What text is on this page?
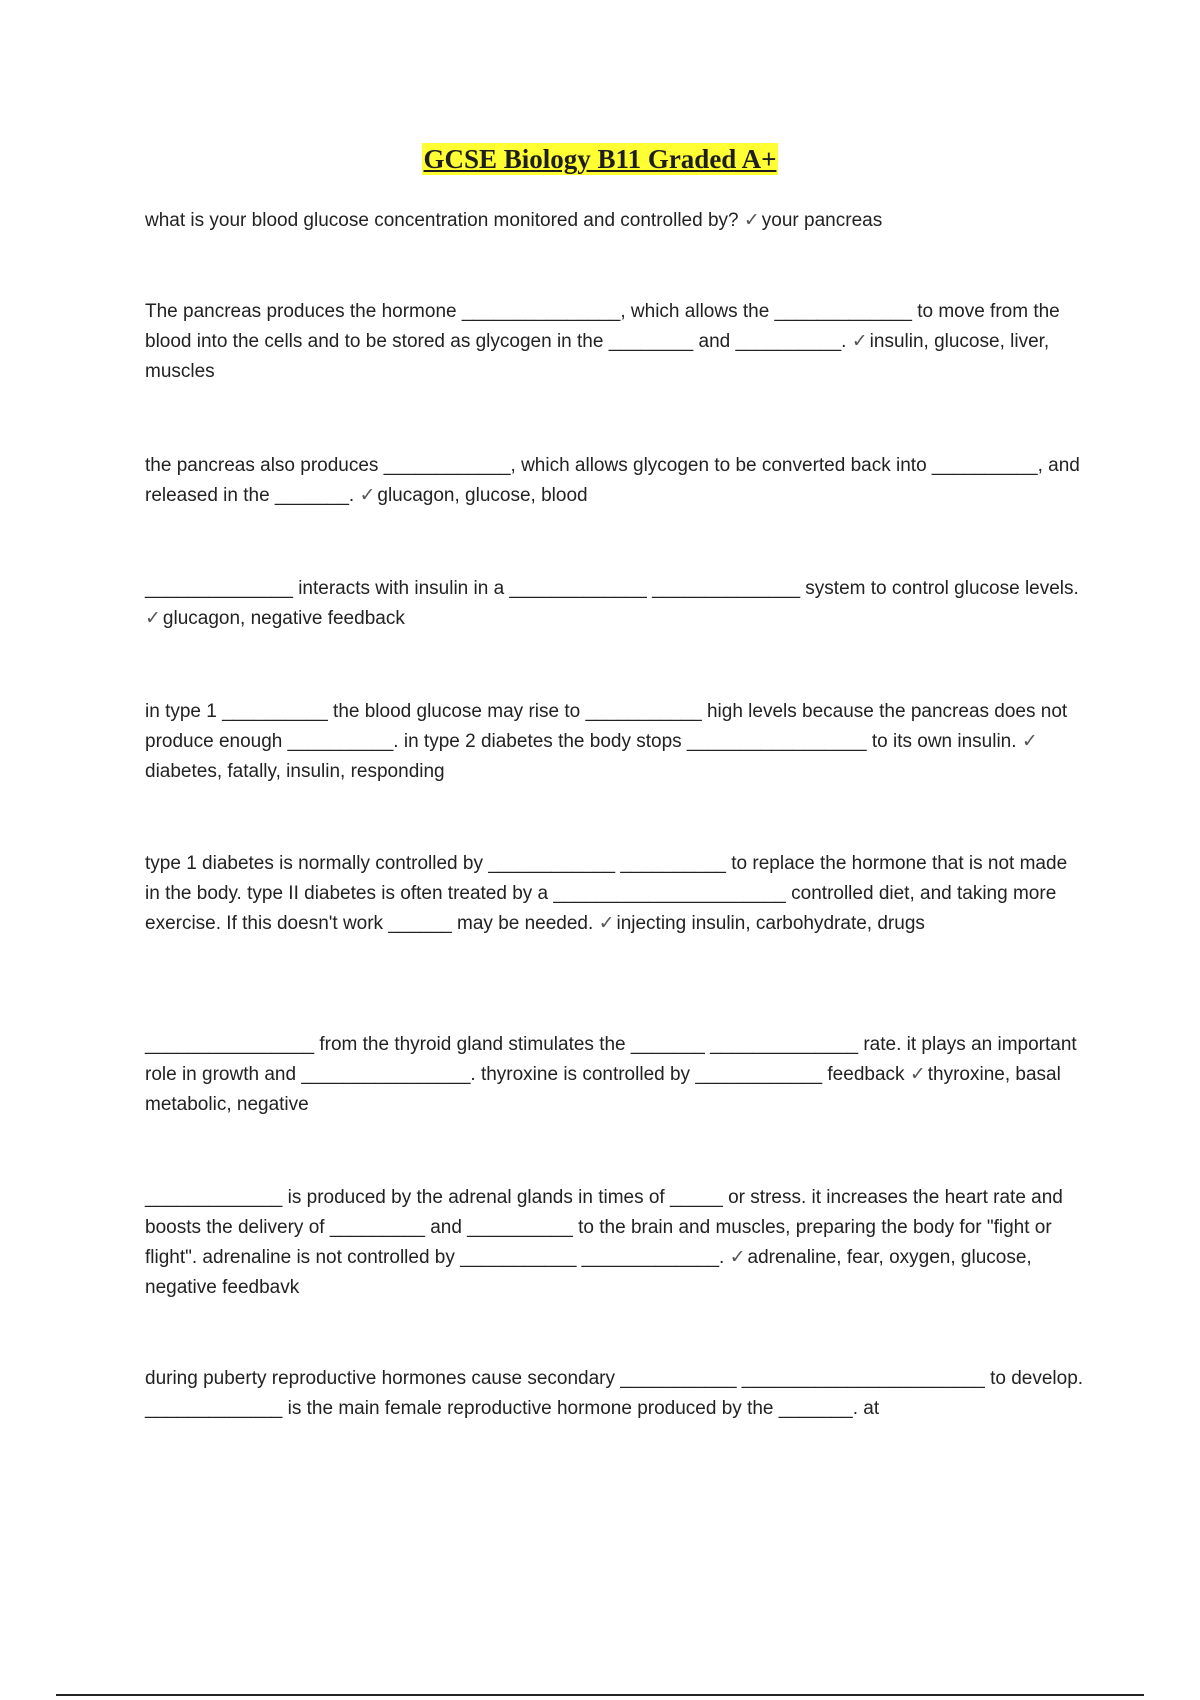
GCSE Biology B11 Graded A+
what is your blood glucose concentration monitored and controlled by? ✓ your pancreas
The pancreas produces the hormone _______________, which allows the _____________ to move from the blood into the cells and to be stored as glycogen in the ________ and __________. ✓ insulin, glucose, liver, muscles
the pancreas also produces ____________, which allows glycogen to be converted back into __________, and released in the _______. ✓ glucagon, glucose, blood
______________ interacts with insulin in a _____________ ______________ system to control glucose levels. ✓ glucagon, negative feedback
in type 1 __________ the blood glucose may rise to ___________ high levels because the pancreas does not produce enough __________. in type 2 diabetes the body stops _________________ to its own insulin. ✓diabetes, fatally, insulin, responding
type 1 diabetes is normally controlled by ____________ __________ to replace the hormone that is not made in the body. type II diabetes is often treated by a ______________________ controlled diet, and taking more exercise. If this doesn't work ______ may be needed. ✓ injecting insulin, carbohydrate, drugs
________________ from the thyroid gland stimulates the _______ ______________ rate. it plays an important role in growth and ________________. thyroxine is controlled by ____________ feedback ✓ thyroxine, basal metabolic, negative
_____________ is produced by the adrenal glands in times of _____ or stress. it increases the heart rate and boosts the delivery of _________ and __________ to the brain and muscles, preparing the body for "fight or flight". adrenaline is not controlled by ___________ _____________. ✓ adrenaline, fear, oxygen, glucose, negative feedbavk
during puberty reproductive hormones cause secondary ___________ _______________________ to develop. _____________ is the main female reproductive hormone produced by the _______. at
